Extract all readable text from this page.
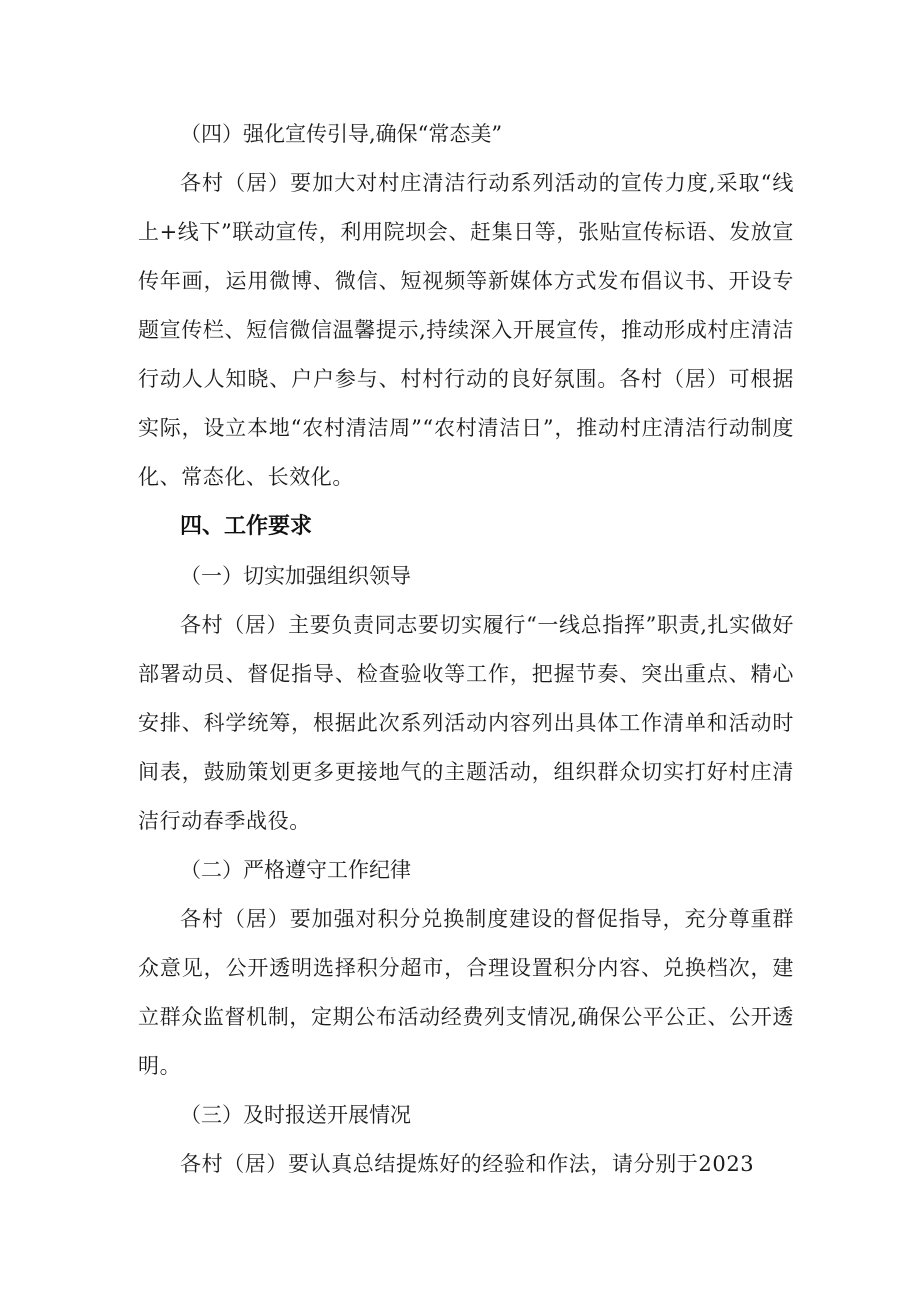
（四）强化宣传引导,确保“常态美”

各村（居）要加大对村庄清洁行动系列活动的宣传力度,采取“线上+线下”联动宣传，利用院坝会、赶集日等，张贴宣传标语、发放宣传年画，运用微博、微信、短视频等新媒体方式发布倡议书、开设专题宣传栏、短信微信温馨提示,持续深入开展宣传，推动形成村庄清洁行动人人知晓、户户参与、村村行动的良好氛围。各村（居）可根据实际，设立本地“农村清洁周”“农村清洁日”，推动村庄清洁行动制度化、常态化、长效化。

四、工作要求

（一）切实加强组织领导

各村（居）主要负责同志要切实履行“一线总指挥”职责,扎实做好部署动员、督促指导、检查验收等工作，把握节奏、突出重点、精心安排、科学统筹，根据此次系列活动内容列出具体工作清单和活动时间表，鼓励策划更多更接地气的主题活动，组织群众切实打好村庄清洁行动春季战役。

（二）严格遵守工作纪律

各村（居）要加强对积分兑换制度建设的督促指导，充分尊重群众意见，公开透明选择积分超市，合理设置积分内容、兑换档次，建立群众监督机制，定期公布活动经费列支情况,确保公平公正、公开透明。

（三）及时报送开展情况

各村（居）要认真总结提炼好的经验和作法，请分别于2023
